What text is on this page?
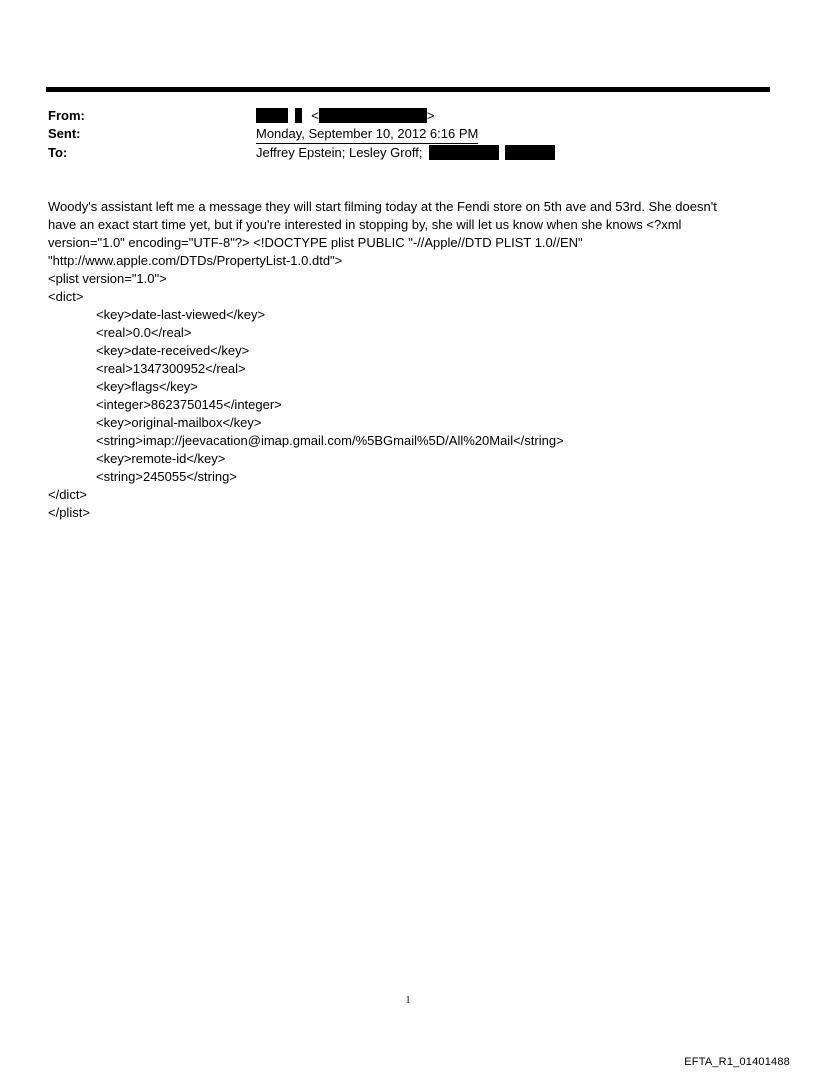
From:	<	>
Sent:	Monday, September 10, 2012 6:16 PM
To:	Jeffrey Epstein; Lesley Groff;
Woody's assistant left me a message they will start filming today at the Fendi store on 5th ave and 53rd. She doesn't
have an exact start time yet, but if you're interested in stopping by, she will let us know when she knows <?xml
version="1.0" encoding="UTF-8"?> <!DOCTYPE plist PUBLIC "-//Apple//DTD PLIST 1.0//EN"
"http://www.apple.com/DTDs/PropertyList-1.0.dtd">
<plist version="1.0">
<dict>
<key>date-last-viewed</key>
<real>0.0</real>
<key>date-received</key>
<real>1347300952</real>
<key>flags</key>
<integer>8623750145</integer>
<key>original-mailbox</key>
<string>imap://jeevacation@imap.gmail.com/%5BGmail%5D/All%20Mail</string>
<key>remote-id</key>
<string>245055</string>
</dict>
</plist>
1
EFTA_R1_01401488
